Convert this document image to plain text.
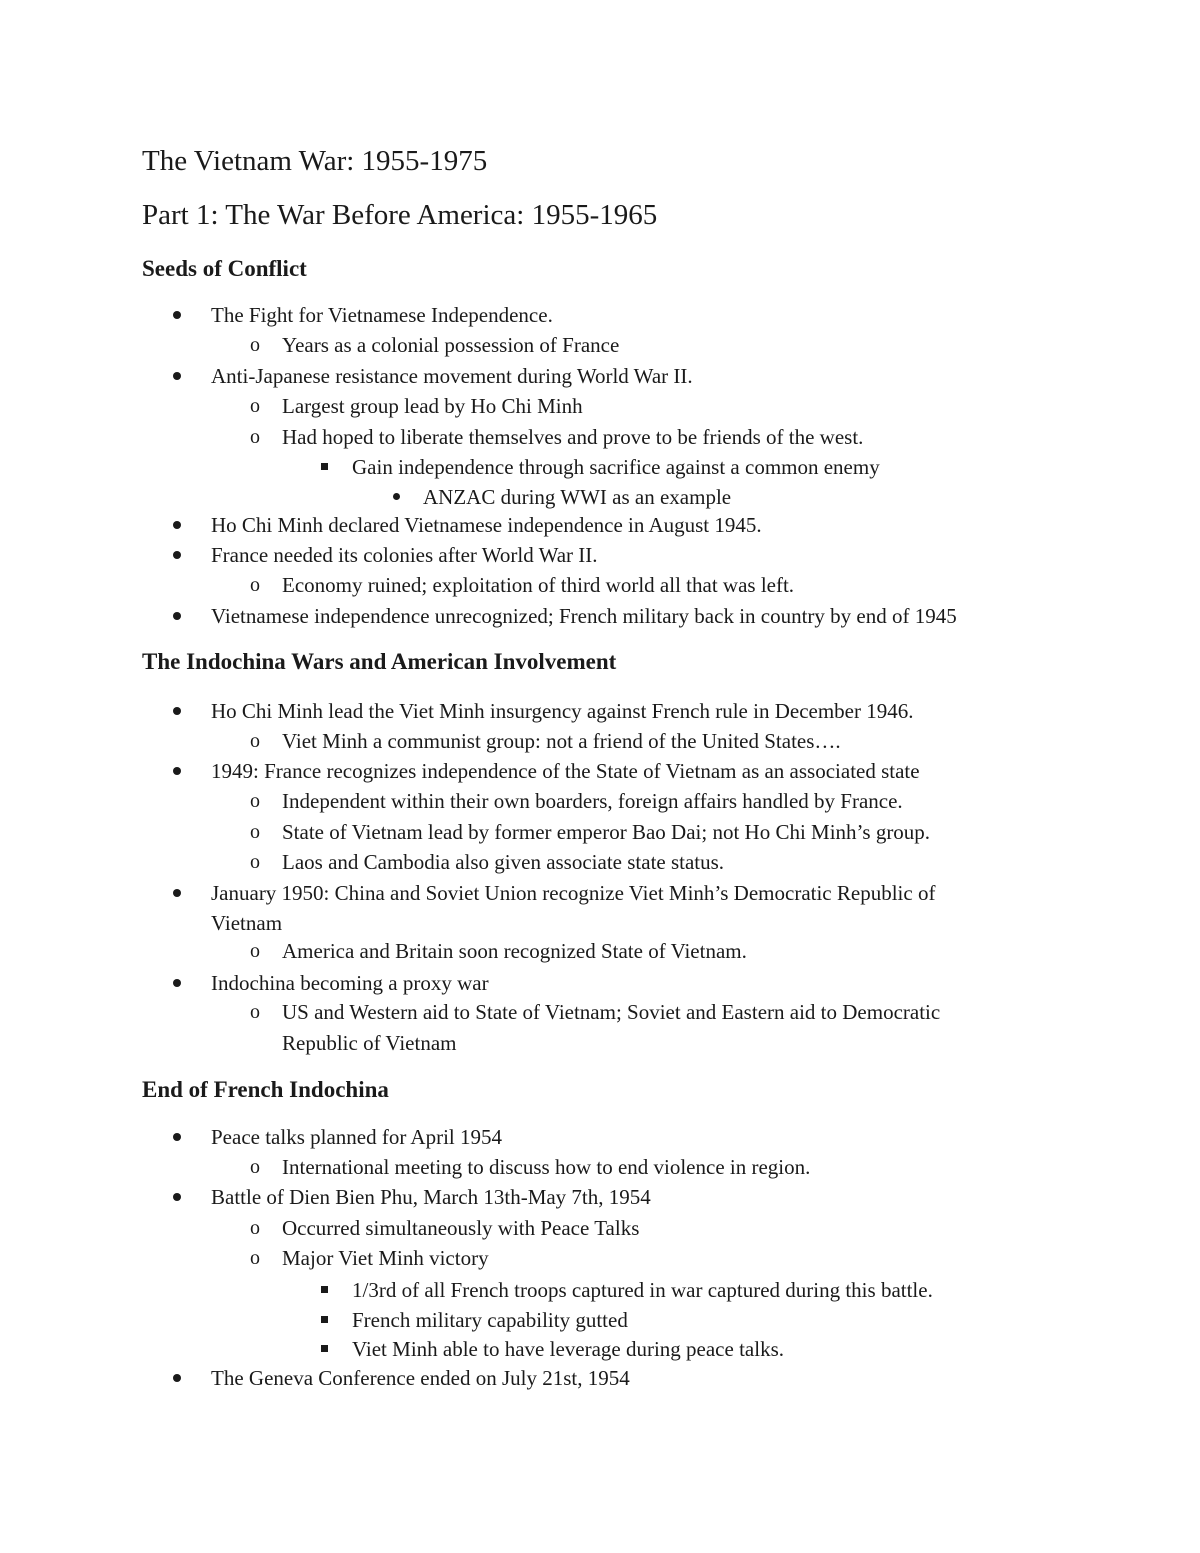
The Vietnam War: 1955-1975
Part 1: The War Before America: 1955-1965
Seeds of Conflict
The Fight for Vietnamese Independence.
o Years as a colonial possession of France
Anti-Japanese resistance movement during World War II.
o Largest group lead by Ho Chi Minh
o Had hoped to liberate themselves and prove to be friends of the west.
Gain independence through sacrifice against a common enemy
ANZAC during WWI as an example
Ho Chi Minh declared Vietnamese independence in August 1945.
France needed its colonies after World War II.
o Economy ruined; exploitation of third world all that was left.
Vietnamese independence unrecognized; French military back in country by end of 1945
The Indochina Wars and American Involvement
Ho Chi Minh lead the Viet Minh insurgency against French rule in December 1946.
o Viet Minh a communist group: not a friend of the United States….
1949: France recognizes independence of the State of Vietnam as an associated state
o Independent within their own boarders, foreign affairs handled by France.
o State of Vietnam lead by former emperor Bao Dai; not Ho Chi Minh’s group.
o Laos and Cambodia also given associate state status.
January 1950: China and Soviet Union recognize Viet Minh’s Democratic Republic of
Vietnam
o America and Britain soon recognized State of Vietnam.
Indochina becoming a proxy war
o US and Western aid to State of Vietnam; Soviet and Eastern aid to Democratic
Republic of Vietnam
End of French Indochina
Peace talks planned for April 1954
o International meeting to discuss how to end violence in region.
Battle of Dien Bien Phu, March 13th-May 7th, 1954
o Occurred simultaneously with Peace Talks
o Major Viet Minh victory
1/3rd of all French troops captured in war captured during this battle.
French military capability gutted
Viet Minh able to have leverage during peace talks.
The Geneva Conference ended on July 21st, 1954
